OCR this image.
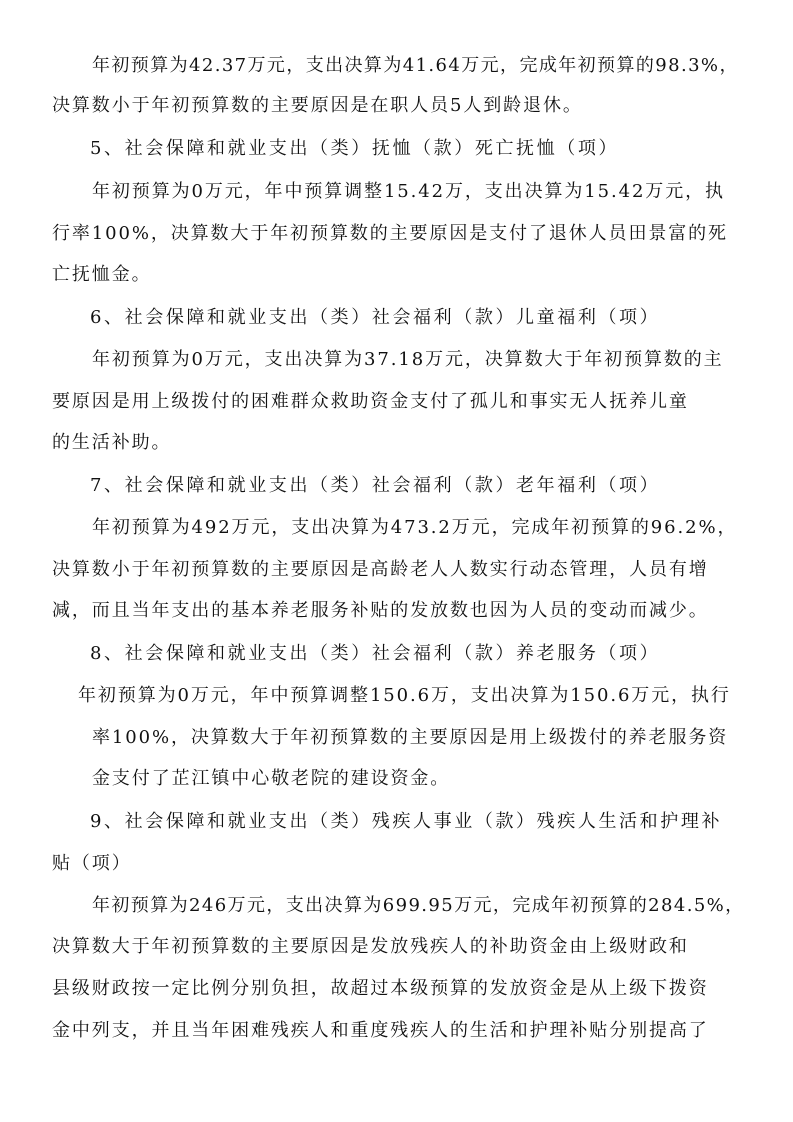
年初预算为42.37万元，支出决算为41.64万元，完成年初预算的98.3%，
决算数小于年初预算数的主要原因是在职人员5人到龄退休。
5、社会保障和就业支出（类）抚恤（款）死亡抚恤（项）
年初预算为0万元，年中预算调整15.42万，支出决算为15.42万元，执
行率100%，决算数大于年初预算数的主要原因是支付了退休人员田景富的死
亡抚恤金。
6、社会保障和就业支出（类）社会福利（款）儿童福利（项）
年初预算为0万元，支出决算为37.18万元，决算数大于年初预算数的主
要原因是用上级拨付的困难群众救助资金支付了孤儿和事实无人抚养儿童
的生活补助。
7、社会保障和就业支出（类）社会福利（款）老年福利（项）
年初预算为492万元，支出决算为473.2万元，完成年初预算的96.2%，
决算数小于年初预算数的主要原因是高龄老人人数实行动态管理，人员有增
减，而且当年支出的基本养老服务补贴的发放数也因为人员的变动而减少。
8、社会保障和就业支出（类）社会福利（款）养老服务（项）
年初预算为0万元，年中预算调整150.6万，支出决算为150.6万元，执行
率100%，决算数大于年初预算数的主要原因是用上级拨付的养老服务资
金支付了芷江镇中心敬老院的建设资金。
9、社会保障和就业支出（类）残疾人事业（款）残疾人生活和护理补
贴（项）
年初预算为246万元，支出决算为699.95万元，完成年初预算的284.5%，
决算数大于年初预算数的主要原因是发放残疾人的补助资金由上级财政和
县级财政按一定比例分别负担，故超过本级预算的发放资金是从上级下拨资
金中列支，并且当年困难残疾人和重度残疾人的生活和护理补贴分别提高了
